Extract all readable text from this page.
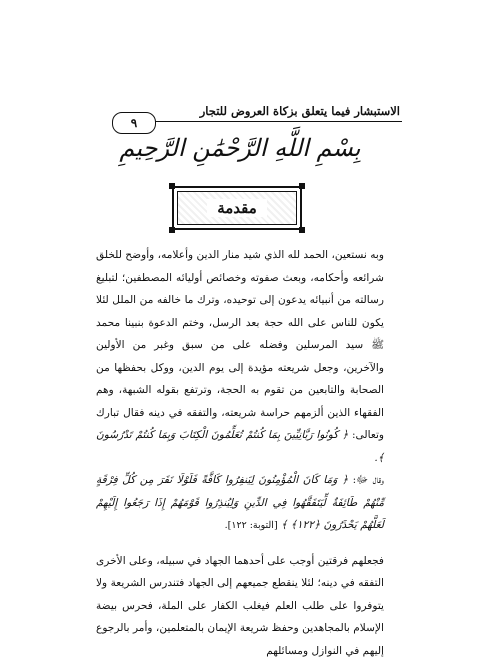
الاستبشار فيما يتعلق بزكاة العروض للتجار
٩
بِسْمِ اللَّهِ الرَّحْمَٰنِ الرَّحِيمِ
مقدمة

وبه نستعين، الحمد لله الذي شيد منار الدين وأعلامه، وأوضح للخلق شرائعه وأحكامه، وبعث صفوته وخصائص أوليائه المصطفين؛ لتبليغ رسالته من أنبيائه يدعون إلى توحيده، وترك ما خالفه من الملل لئلا يكون للناس على الله حجة بعد الرسل، وختم الدعوة بنبينا محمد ﷺ سيد المرسلين وفضله على من سبق وغبر من الأولين والآخرين، وجعل شريعته مؤيدة إلى يوم الدين، ووكل بحفظها من الصحابة والتابعين من تقوم به الحجة، وترتفع بقوله الشبهة، وهم الفقهاء الذين ألزمهم حراسة شريعته، والتفقه في دينه فقال تبارك وتعالى: ﴿ كُونُوا رَبَّانِيِّينَ بِمَا كُنتُمْ تُعَلِّمُونَ الْكِتَابَ وَبِمَا كُنتُمْ تَدْرُسُونَ ﴾.

وقال ﷻ: ﴿ وَمَا كَانَ الْمُؤْمِنُونَ لِيَنفِرُوا كَافَّةً فَلَوْلَا نَفَرَ مِن كُلِّ فِرْقَةٍ مِّنْهُمْ طَائِفَةٌ لِّيَتَفَقَّهُوا فِي الدِّينِ وَلِيُنذِرُوا قَوْمَهُمْ إِذَا رَجَعُوا إِلَيْهِمْ لَعَلَّهُمْ يَحْذَرُونَ ﴿١٢٢﴾ ﴾ [التوبة: ١٢٢].

فجعلهم فرقتين أوجب على أحدهما الجهاد في سبيله، وعلى الأخرى التفقه في دينه؛ لئلا ينقطع جميعهم إلى الجهاد فتندرس الشريعة ولا يتوفروا على طلب العلم فيغلب الكفار على الملة، فحرس بيضة الإسلام بالمجاهدين وحفظ شريعة الإيمان بالمتعلمين، وأمر بالرجوع إليهم في النوازل ومسائلهم
